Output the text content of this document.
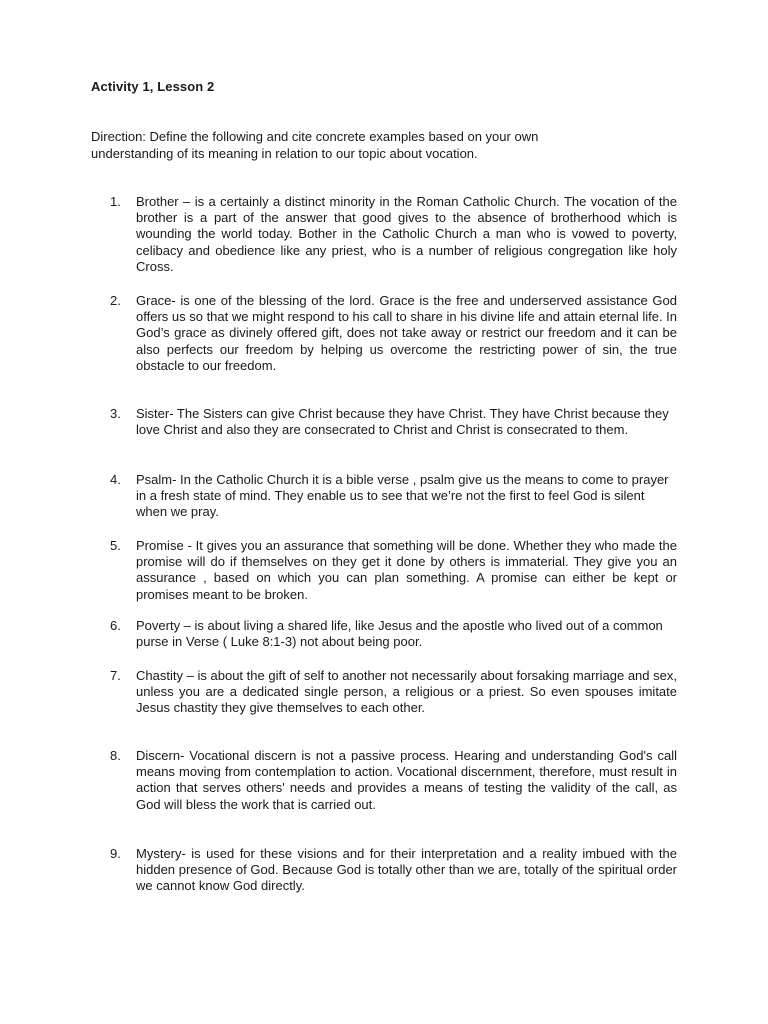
Activity 1, Lesson 2
Direction: Define the following and cite concrete examples based on your own understanding of its meaning in relation to our topic about vocation.
1.	Brother – is a certainly a distinct minority in the Roman Catholic Church. The vocation of the brother is a part of the answer that good gives to the absence of brotherhood which is wounding the world today. Bother in the Catholic Church a man who is vowed to poverty, celibacy and obedience like any priest, who is a number of religious congregation like holy Cross.
2.	Grace- is one of the blessing of the lord. Grace is the free and underserved assistance God offers us so that we might respond to his call to share in his divine life and attain eternal life. In God’s grace as divinely offered gift, does not take away or restrict our freedom and it can be also perfects our freedom by helping us overcome the restricting power of sin, the true obstacle to our freedom.
3.	Sister- The Sisters can give Christ because they have Christ. They have Christ because they love Christ and also they are consecrated to Christ and Christ is consecrated to them.
4.	Psalm- In the Catholic Church it is a bible verse , psalm give us the means to come to prayer in a fresh state of mind. They enable us to see that we’re not the first to feel God is silent when we pray.
5.	Promise - It gives you an assurance that something will be done. Whether they who made the promise will do if themselves on they get it done by others is immaterial. They give you an assurance , based on which you can plan something. A promise can either be kept or promises meant to be broken.
6.	Poverty – is about living a shared life, like Jesus and the apostle who lived out of a common purse in Verse ( Luke 8:1-3) not about being poor.
7.	Chastity – is about the gift of self to another not necessarily about forsaking marriage and sex, unless you are a dedicated single person, a religious or a priest. So even spouses imitate Jesus chastity they give themselves to each other.
8.	Discern- Vocational discern is not a passive process. Hearing and understanding God's call means moving from contemplation to action. Vocational discernment, therefore, must result in action that serves others' needs and provides a means of testing the validity of the call, as God will bless the work that is carried out.
9.	Mystery- is used for these visions and for their interpretation and a reality imbued with the hidden presence of God. Because God is totally other than we are, totally of the spiritual order we cannot know God directly.
